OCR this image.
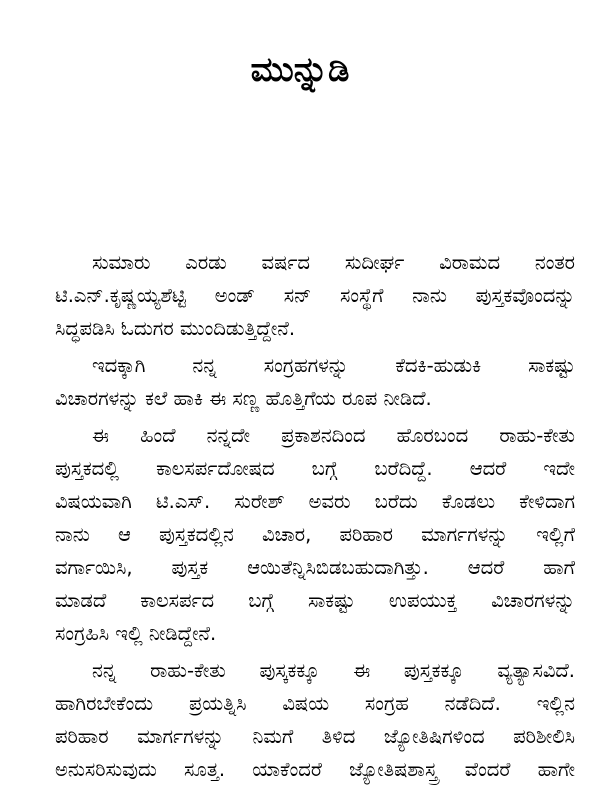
ಮುನ್ನುಡಿ
ಸುಮಾರು ಎರಡು ವರ್ಷದ ಸುದೀರ್ಘ ವಿರಾಮದ ನಂತರ
ಟಿ.ಎನ್.ಕೃಷ್ಣಯ್ಯಶೆಟ್ಟಿ ಅಂಡ್ ಸನ್ ಸಂಸ್ಥೆಗೆ ನಾನು ಪುಸ್ತಕವೊಂದನ್ನು
ಸಿದ್ಧಪಡಿಸಿ ಓದುಗರ ಮುಂದಿಡುತ್ತಿದ್ದೇನೆ.
ಇದಕ್ಕಾಗಿ ನನ್ನ ಸಂಗ್ರಹಗಳನ್ನು ಕೆದಕಿ-ಹುಡುಕಿ ಸಾಕಷ್ಟು
ವಿಚಾರಗಳನ್ನು ಕಲೆ ಹಾಕಿ ಈ ಸಣ್ಣ ಹೊತ್ತಿಗೆಯ ರೂಪ ನೀಡಿದೆ.
ಈ ಹಿಂದೆ ನನ್ನದೇ ಪ್ರಕಾಶನದಿಂದ ಹೊರಬಂದ ರಾಹು-ಕೇತು
ಪುಸ್ತಕದಲ್ಲಿ ಕಾಲಸರ್ಪದೋಷದ ಬಗ್ಗೆ ಬರೆದಿದ್ದೆ. ಆದರೆ ಇದೇ
ವಿಷಯವಾಗಿ ಟಿ.ಎಸ್. ಸುರೇಶ್ ಅವರು ಬರೆದು ಕೊಡಲು ಕೇಳಿದಾಗ
ನಾನು ಆ ಪುಸ್ತಕದಲ್ಲಿನ ವಿಚಾರ, ಪರಿಹಾರ ಮಾರ್ಗಗಳನ್ನು ಇಲ್ಲಿಗೆ
ವರ್ಗಾಯಿಸಿ, ಪುಸ್ತಕ ಆಯಿತೆನ್ನಿಸಿಬಿಡಬಹುದಾಗಿತ್ತು. ಆದರೆ ಹಾಗೆ
ಮಾಡದೆ ಕಾಲಸರ್ಪದ ಬಗ್ಗೆ ಸಾಕಷ್ಟು ಉಪಯುಕ್ತ ವಿಚಾರಗಳನ್ನು
ಸಂಗ್ರಹಿಸಿ ಇಲ್ಲಿ ನೀಡಿದ್ದೇನೆ.
ನನ್ನ ರಾಹು-ಕೇತು ಪುಸ್ಕಕಕ್ಕೂ ಈ ಪುಸ್ತಕಕ್ಕೂ ವ್ಯತ್ಯಾಸವಿದೆ.
ಹಾಗಿರಬೇಕೆಂದು ಪ್ರಯತ್ನಿಸಿ ವಿಷಯ ಸಂಗ್ರಹ ನಡೆದಿದೆ. ಇಲ್ಲಿನ
ಪರಿಹಾರ ಮಾರ್ಗಗಳನ್ನು ನಿಮಗೆ ತಿಳಿದ ಜ್ಯೋತಿಷಿಗಳಿಂದ ಪರಿಶೀಲಿಸಿ
ಅನುಸರಿಸುವುದು ಸೂತ್ತ. ಯಾಕೆಂದರೆ ಜ್ಯೋತಿಷಶಾಸ್ತ್ರ ವೆಂದರೆ ಹಾಗೇ
